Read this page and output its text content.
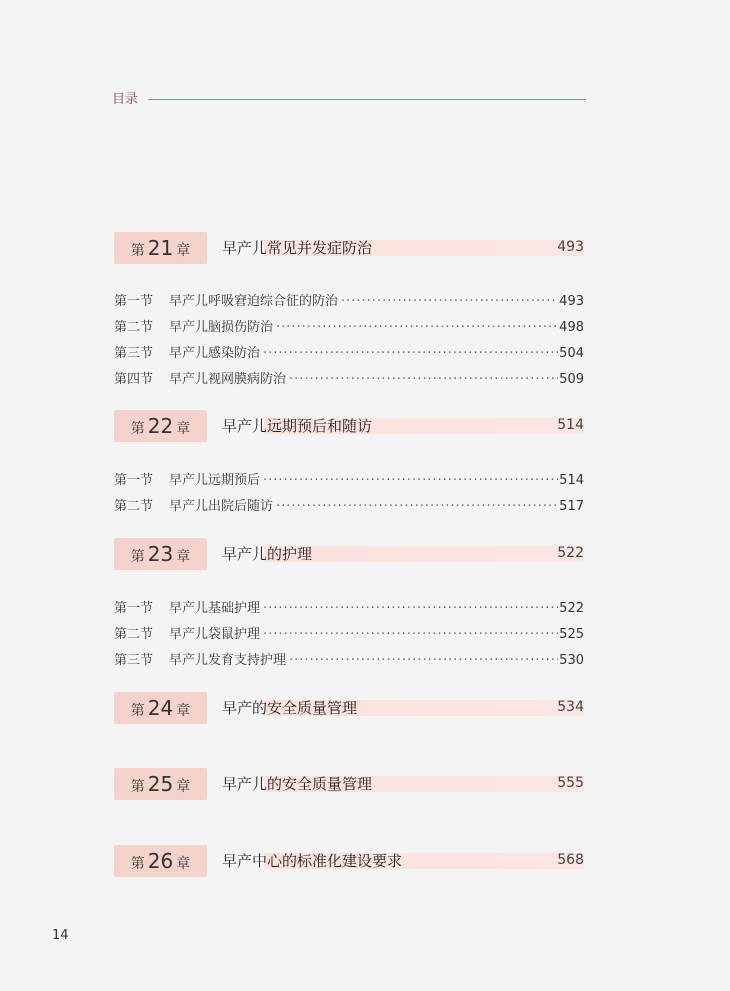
目录
第 21 章 早产儿常见并发症防治	493
第一节	早产儿呼吸窘迫综合征的防治 ·····	493
第二节	早产儿脑损伤防治 ·····	498
第三节	早产儿感染防治 ·····	504
第四节	早产儿视网膜病防治 ·····	509
第 22 章 早产儿远期预后和随访	514
第一节	早产儿远期预后 ·····	514
第二节	早产儿出院后随访 ·····	517
第 23 章 早产儿的护理	522
第一节	早产儿基础护理 ·····	522
第二节	早产儿袋鼠护理 ·····	525
第三节	早产儿发育支持护理 ·····	530
第 24 章 早产的安全质量管理	534
第 25 章 早产儿的安全质量管理	555
第 26 章 早产中心的标准化建设要求	568
14
